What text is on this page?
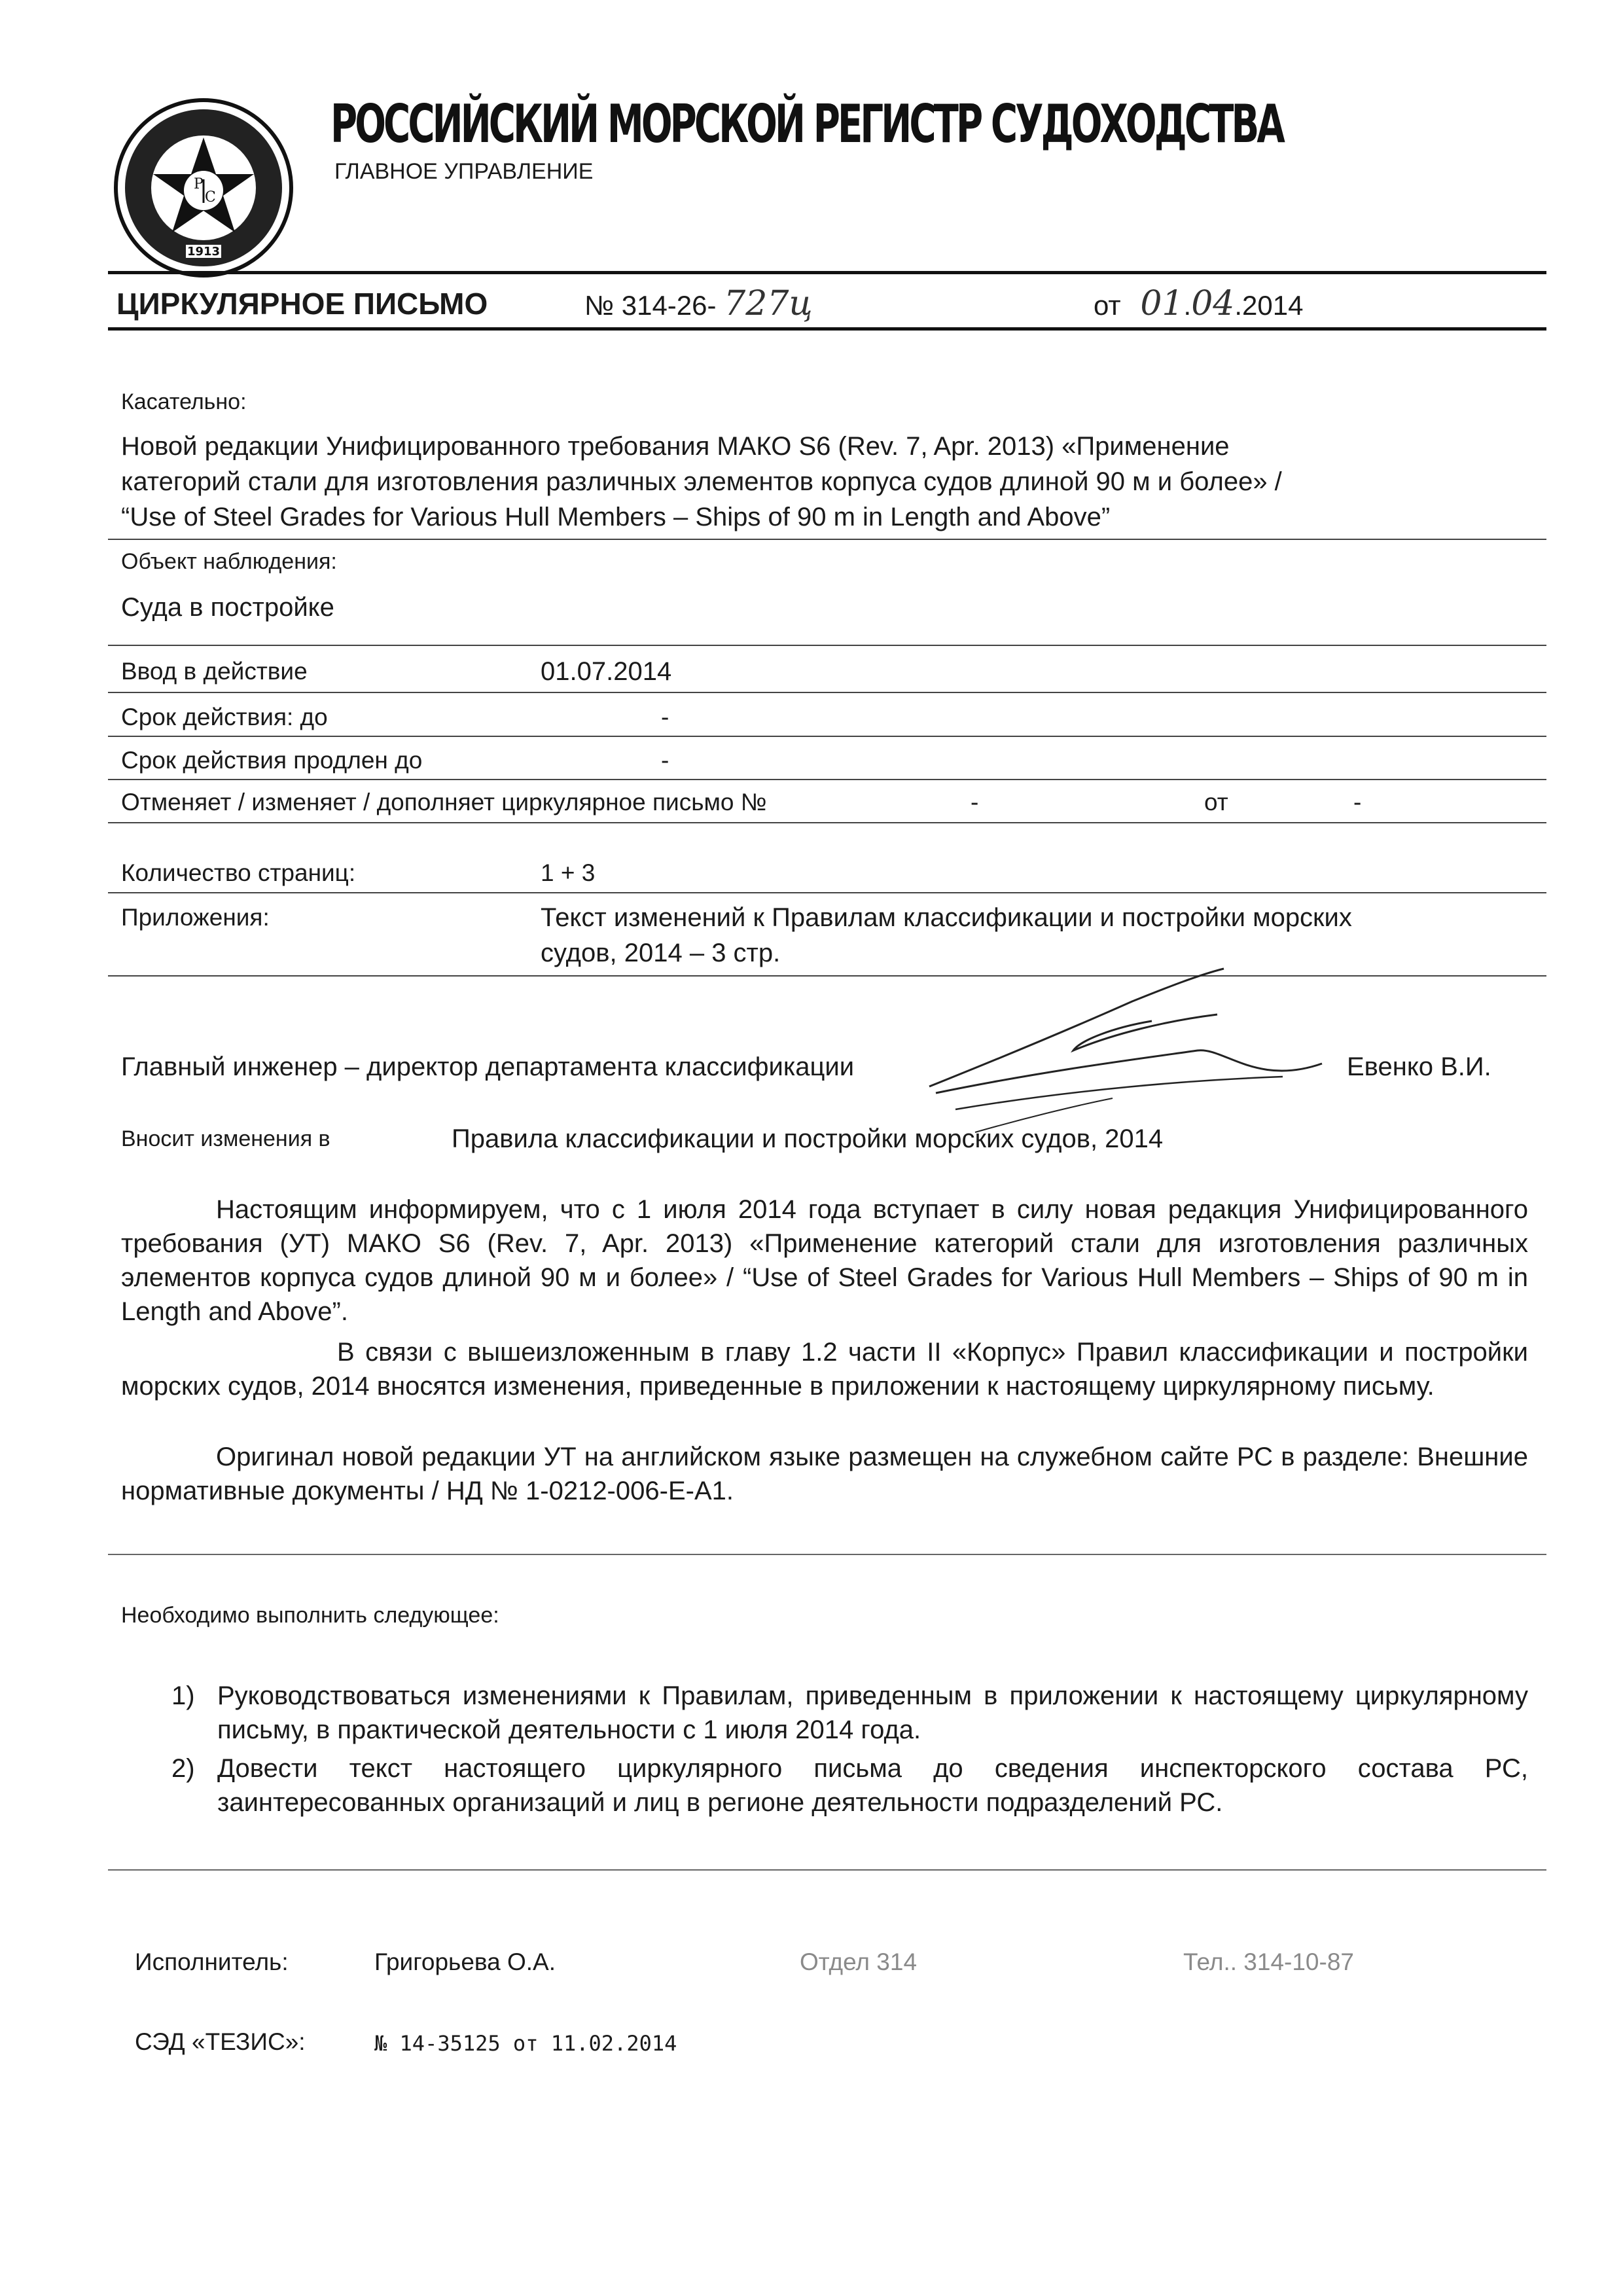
Р
С
1913
РОССИЙСКИЙ МОРСКОЙ РЕГИСТР СУДОХОДСТВА
ГЛАВНОЕ УПРАВЛЕНИЕ
ЦИРКУЛЯРНОЕ ПИСЬМО	№ 314-26- 727ц	от 01.04.2014
Касательно:
Новой редакции Унифицированного требования МАКО S6 (Rev. 7, Apr. 2013) «Применение
категорий стали для изготовления различных элементов корпуса судов длиной 90 м и более» /
“Use of Steel Grades for Various Hull Members – Ships of 90 m in Length and Above”
Объект наблюдения:
Суда в постройке
Ввод в действие	01.07.2014
Срок действия: до	-
Срок действия продлен до	-
Отменяет / изменяет / дополняет циркулярное письмо №	-	от	-
Количество страниц:	1 + 3
Приложения:	Текст изменений к Правилам классификации и постройки морских
судов, 2014 – 3 стр.
Главный инженер – директор департамента классификации	Евенко В.И.
Вносит изменения в	Правила классификации и постройки морских судов, 2014
Настоящим информируем, что с 1 июля 2014 года вступает в силу новая редакция Унифицированного требования (УТ) МАКО S6 (Rev. 7, Apr. 2013) «Применение категорий стали для изготовления различных элементов корпуса судов длиной 90 м и более» / “Use of Steel Grades for Various Hull Members – Ships of 90 m in Length and Above”.
В связи с вышеизложенным в главу 1.2 части II «Корпус» Правил классификации и постройки морских судов, 2014 вносятся изменения, приведенные в приложении к настоящему циркулярному письму.
Оригинал новой редакции УТ на английском языке размещен на служебном сайте РС в разделе: Внешние нормативные документы / НД № 1-0212-006-Е-А1.
Необходимо выполнить следующее:
1) Руководствоваться изменениями к Правилам, приведенным в приложении к настоящему циркулярному письму, в практической деятельности с 1 июля 2014 года.
2) Довести текст настоящего циркулярного письма до сведения инспекторского состава РС, заинтересованных организаций и лиц в регионе деятельности подразделений РС.
Исполнитель:	Григорьева О.А.	Отдел 314	Тел.. 314-10-87
СЭД «ТЕЗИС»:	№ 14-35125 от 11.02.2014
